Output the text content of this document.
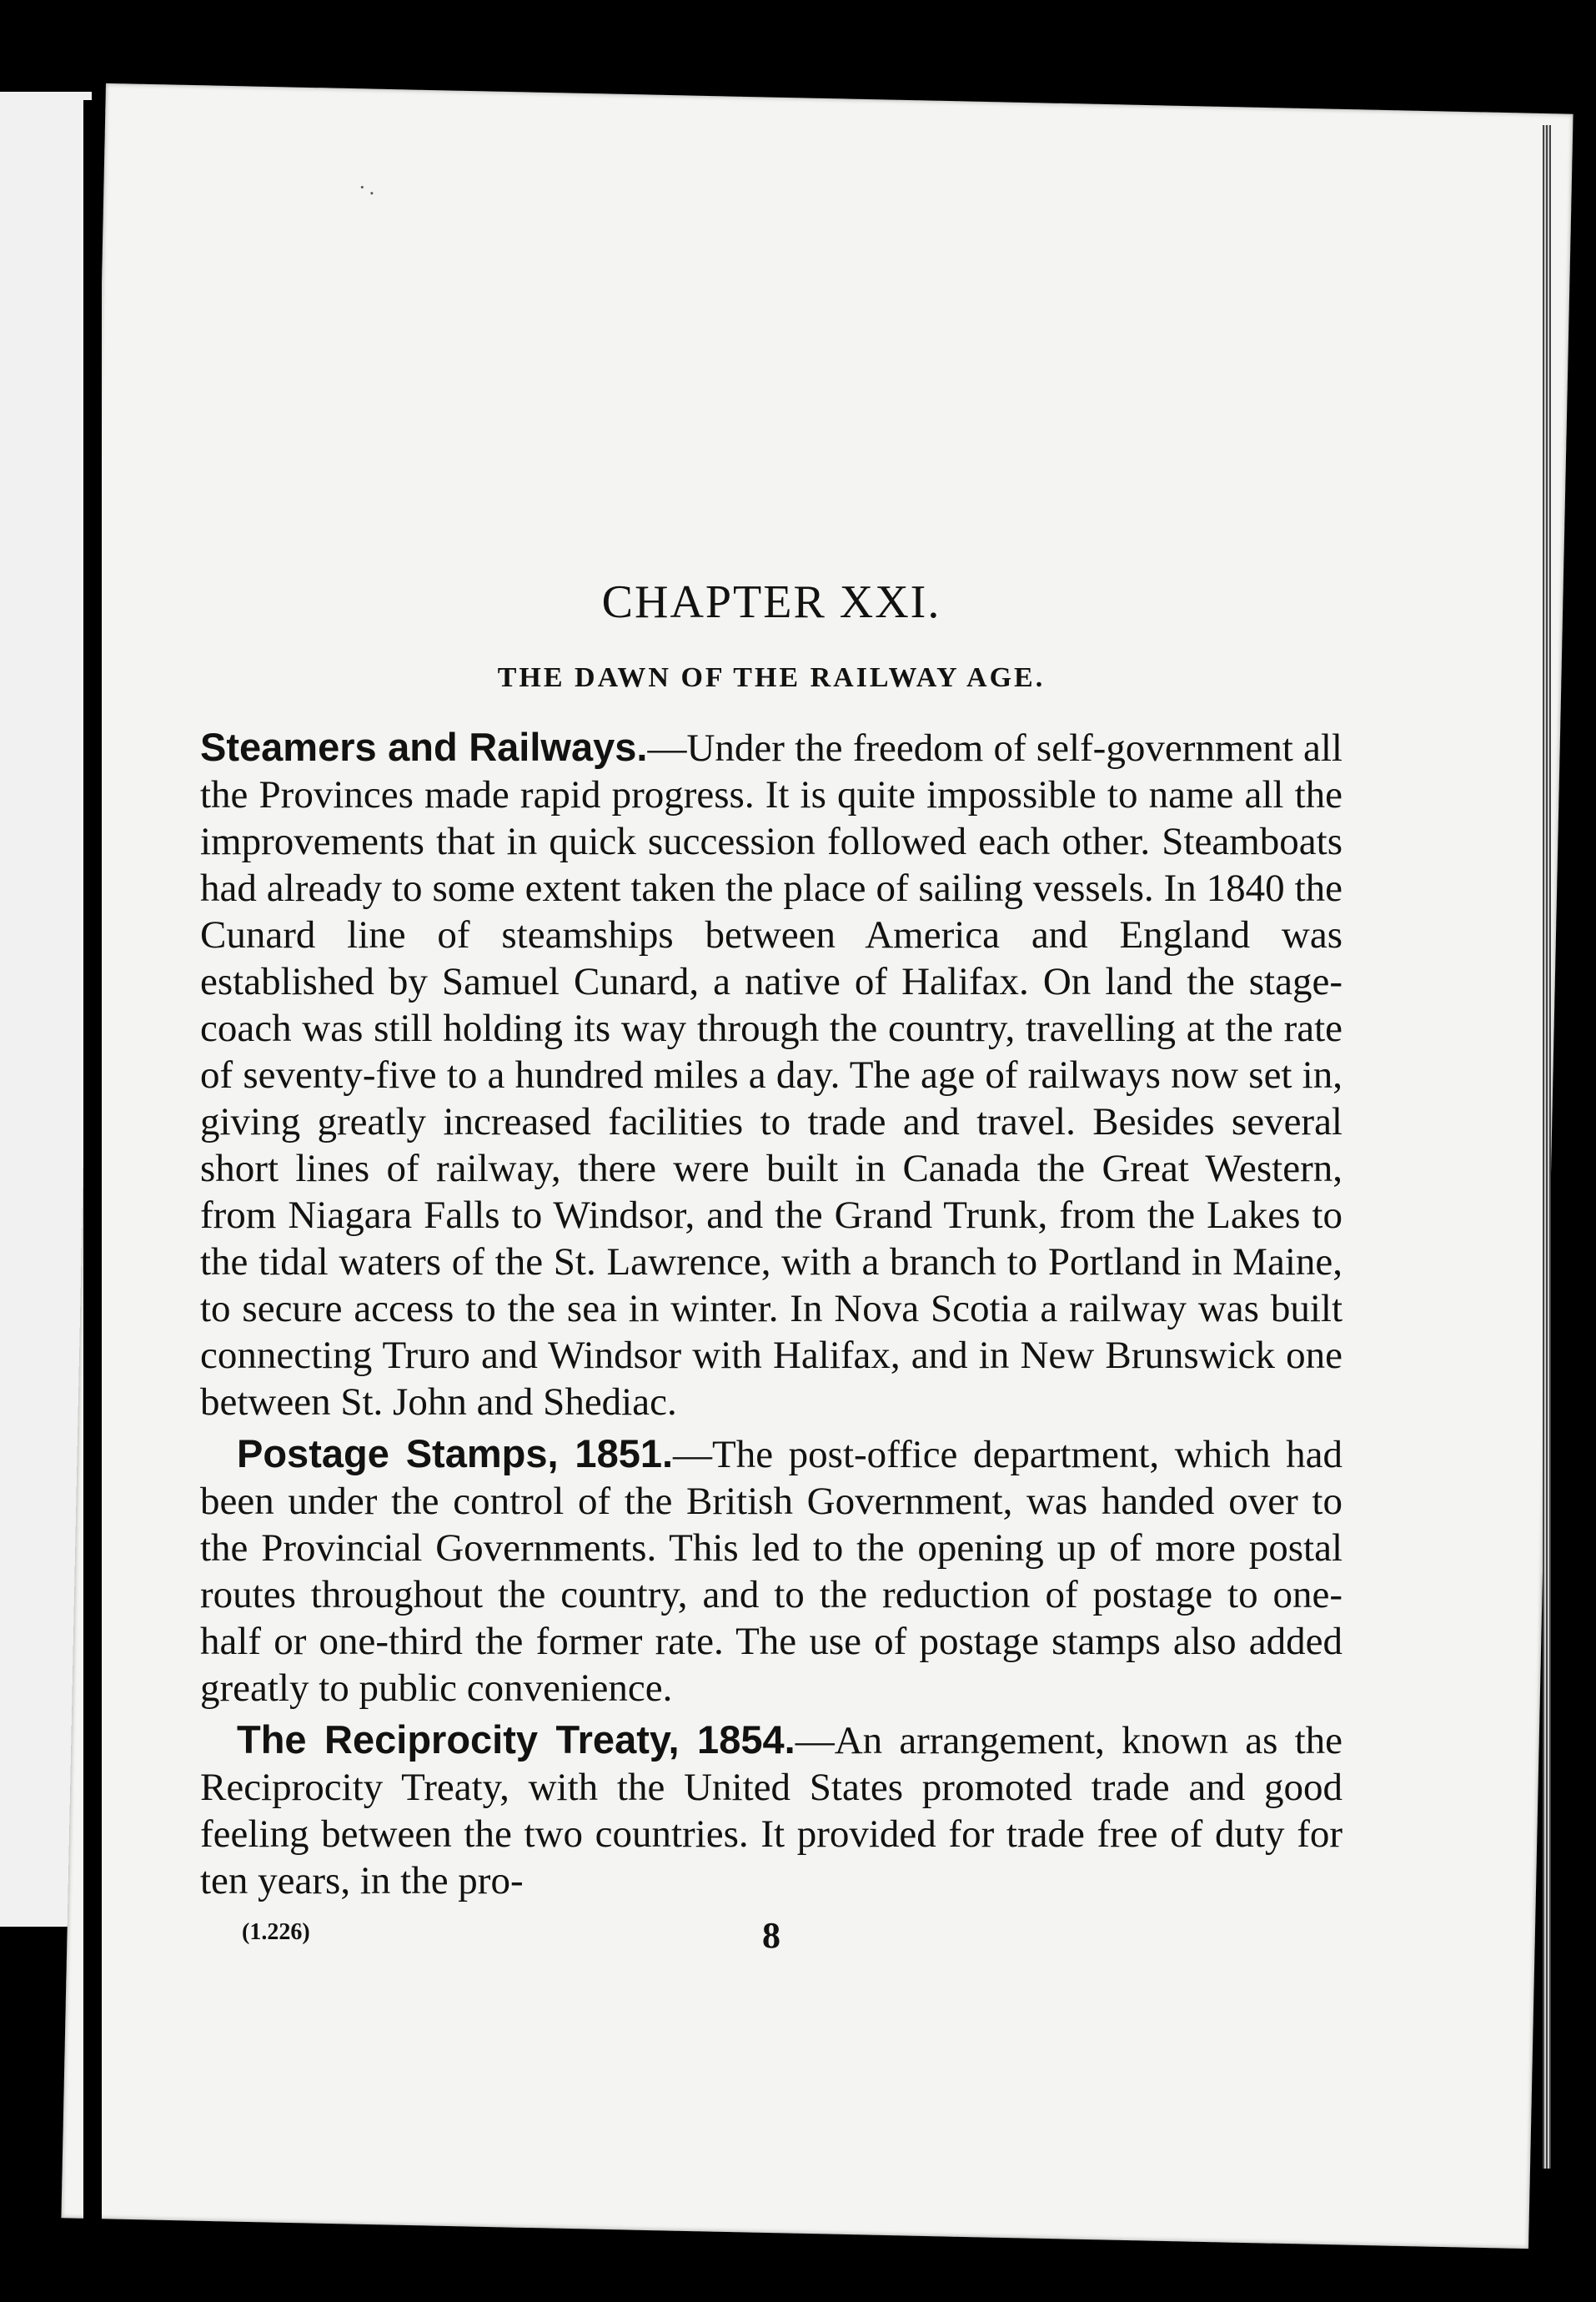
·.
CHAPTER XXI.
THE DAWN OF THE RAILWAY AGE.

Steamers and Railways.—Under the freedom of self-government all the Provinces made rapid progress. It is quite impossible to name all the improvements that in quick succession followed each other. Steamboats had already to some extent taken the place of sailing vessels. In 1840 the Cunard line of steamships between America and England was established by Samuel Cunard, a native of Halifax. On land the stage-coach was still holding its way through the country, travelling at the rate of seventy-five to a hundred miles a day. The age of railways now set in, giving greatly increased facilities to trade and travel. Besides several short lines of railway, there were built in Canada the Great Western, from Niagara Falls to Windsor, and the Grand Trunk, from the Lakes to the tidal waters of the St. Lawrence, with a branch to Portland in Maine, to secure access to the sea in winter. In Nova Scotia a railway was built connecting Truro and Windsor with Halifax, and in New Brunswick one between St. John and Shediac.

Postage Stamps, 1851.—The post-office department, which had been under the control of the British Government, was handed over to the Provincial Governments. This led to the opening up of more postal routes throughout the country, and to the reduction of postage to one-half or one-third the former rate. The use of postage stamps also added greatly to public convenience.

The Reciprocity Treaty, 1854.—An arrangement, known as the Reciprocity Treaty, with the United States promoted trade and good feeling between the two countries. It provided for trade free of duty for ten years, in the pro-

(1.226)	8
